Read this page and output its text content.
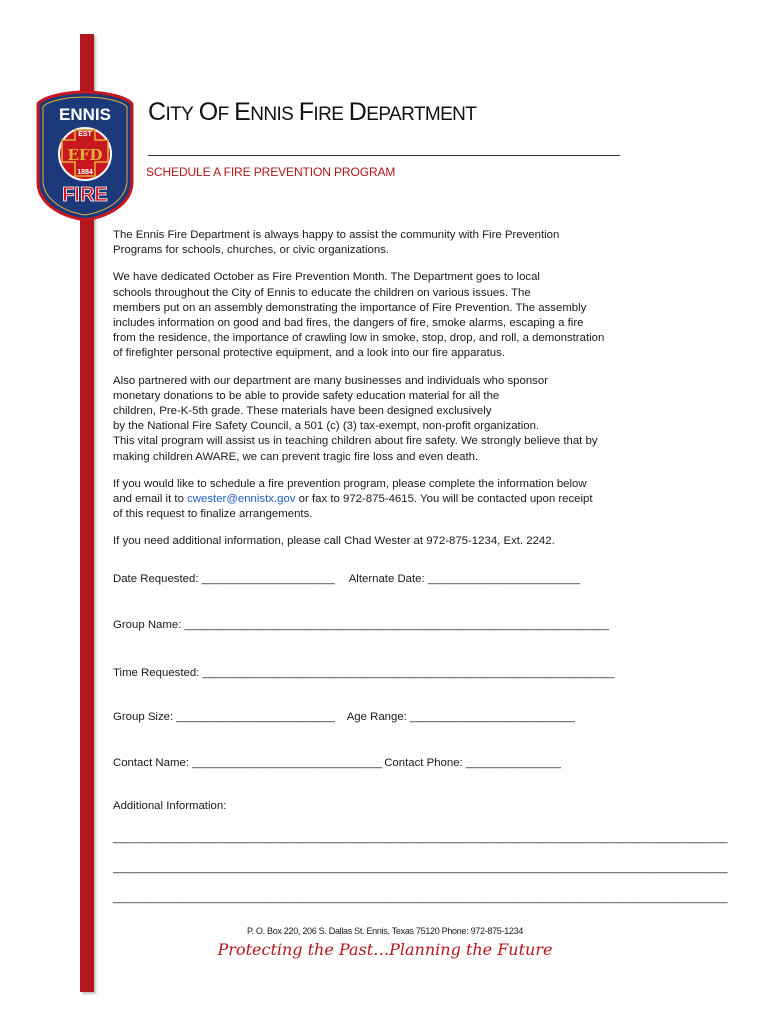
ENNIS
EST
EFD
1884
FIRE
CITY OF ENNIS FIRE DEPARTMENT
SCHEDULE A FIRE PREVENTION PROGRAM

The Ennis Fire Department is always happy to assist the community with Fire Prevention
Programs for schools, churches, or civic organizations.

We have dedicated October as Fire Prevention Month. The Department goes to local
schools throughout the City of Ennis to educate the children on various issues. The
members put on an assembly demonstrating the importance of Fire Prevention. The assembly
includes information on good and bad fires, the dangers of fire, smoke alarms, escaping a fire
from the residence, the importance of crawling low in smoke, stop, drop, and roll, a demonstration
of firefighter personal protective equipment, and a look into our fire apparatus.

Also partnered with our department are many businesses and individuals who sponsor
monetary donations to be able to provide safety education material for all the
children, Pre-K-5th grade. These materials have been designed exclusively
by the National Fire Safety Council, a 501 (c) (3) tax-exempt, non-profit organization.
This vital program will assist us in teaching children about fire safety. We strongly believe that by
making children AWARE, we can prevent tragic fire loss and even death.

If you would like to schedule a fire prevention program, please complete the information below
and email it to cwester@ennistx.gov or fax to 972-875-4615. You will be contacted upon receipt
of this request to finalize arrangements.

If you need additional information, please call Chad Wester at 972-875-1234, Ext. 2242.

Date Requested: _____________________ Alternate Date: ________________________
Group Name: ___________________________________________________________________
Time Requested: _________________________________________________________________
Group Size: _________________________ Age Range: __________________________
Contact Name: ______________________________ Contact Phone: _______________
Additional Information:
_________________________________________________________________________________________________
_________________________________________________________________________________________________
_________________________________________________________________________________________________
P. O. Box 220, 206 S. Dallas St. Ennis, Texas 75120 Phone: 972-875-1234
Protecting the Past…Planning the Future
